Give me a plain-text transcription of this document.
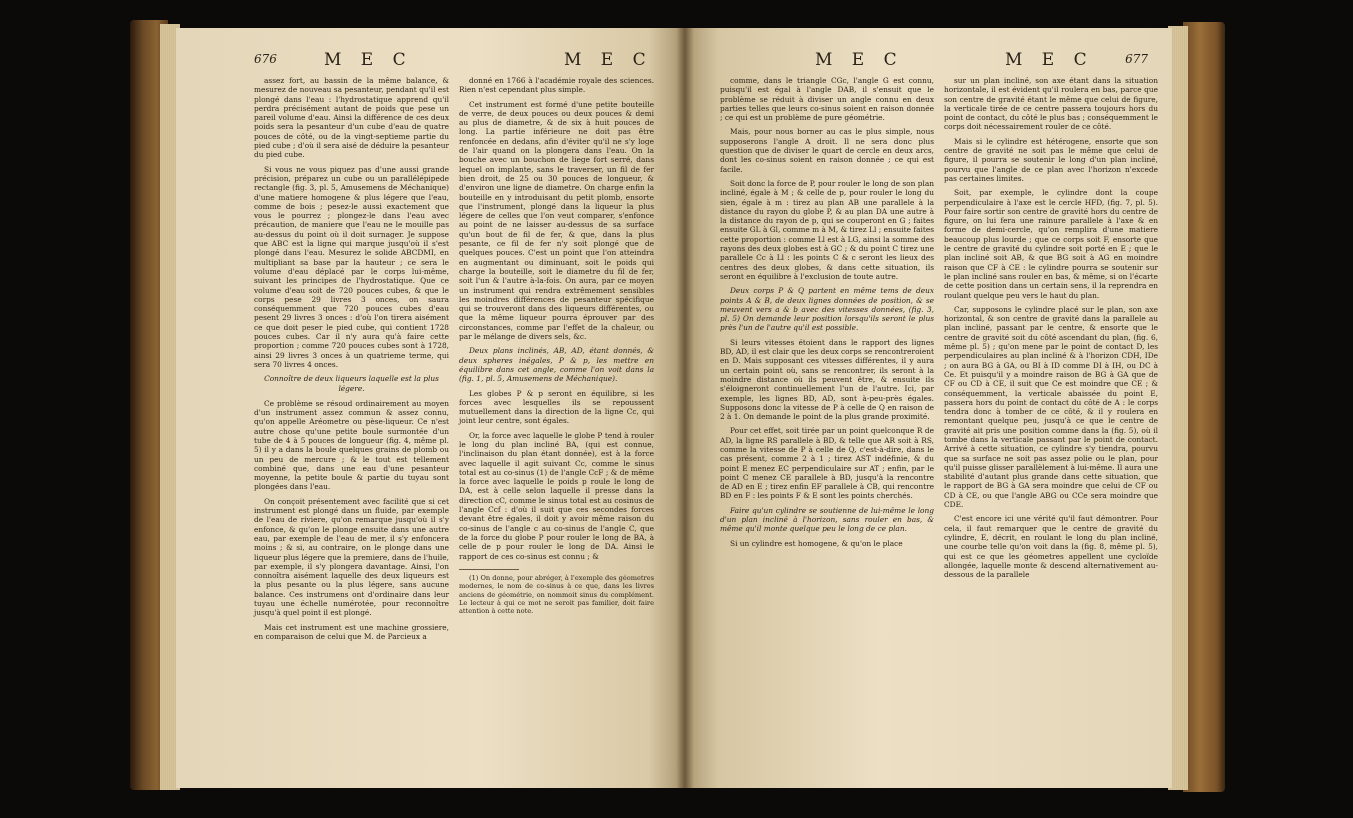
676	M E C	M E C

assez fort, au bassin de la même balance, & mesurez de nouveau sa pesanteur, pendant qu'il est plongé dans l'eau : l'hydrostatique apprend qu'il perdra précisément autant de poids que pese un pareil volume d'eau. Ainsi la différence de ces deux poids sera la pesanteur d'un cube d'eau de quatre pouces de côté, ou de la vingt-septieme partie du pied cube ; d'où il sera aisé de déduire la pesanteur du pied cube.

Si vous ne vous piquez pas d'une aussi grande précision, préparez un cube ou un parallélépipede rectangle (fig. 3, pl. 5, Amusemens de Méchanique) d'une matiere homogene & plus légere que l'eau, comme de bois ; pesez-le aussi exactement que vous le pourrez ; plongez-le dans l'eau avec précaution, de maniere que l'eau ne le mouille pas au-dessus du point où il doit surnager. Je suppose que ABC est la ligne qui marque jusqu'où il s'est plongé dans l'eau. Mesurez le solide ABCDMI, en multipliant sa base par la hauteur ; ce sera le volume d'eau déplacé par le corps lui-même, suivant les principes de l'hydrostatique. Que ce volume d'eau soit de 720 pouces cubes, & que le corps pese 29 livres 3 onces, on saura conséquemment que 720 pouces cubes d'eau pesent 29 livres 3 onces : d'où l'on tirera aisément ce que doit peser le pied cube, qui contient 1728 pouces cubes. Car il n'y aura qu'à faire cette proportion ; comme 720 pouces cubes sont à 1728, ainsi 29 livres 3 onces à un quatrieme terme, qui sera 70 livres 4 onces.

Connoître de deux liqueurs laquelle est la plus légere.

Ce problème se résoud ordinairement au moyen d'un instrument assez commun & assez connu, qu'on appelle Aréometre ou pèse-liqueur. Ce n'est autre chose qu'une petite boule surmontée d'un tube de 4 à 5 pouces de longueur (fig. 4, même pl. 5) il y a dans la boule quelques grains de plomb ou un peu de mercure ; & le tout est tellement combiné que, dans une eau d'une pesanteur moyenne, la petite boule & partie du tuyau sont plongées dans l'eau.

On conçoit présentement avec facilité que si cet instrument est plongé dans un fluide, par exemple de l'eau de riviere, qu'on remarque jusqu'où il s'y enfonce, & qu'on le plonge ensuite dans une autre eau, par exemple de l'eau de mer, il s'y enfoncera moins ; & si, au contraire, on le plonge dans une liqueur plus légere que la premiere, dans de l'huile, par exemple, il s'y plongera davantage. Ainsi, l'on connoîtra aisément laquelle des deux liqueurs est la plus pesante ou la plus légere, sans aucune balance. Ces instrumens ont d'ordinaire dans leur tuyau une échelle numérotée, pour reconnoître jusqu'à quel point il est plongé.

Mais cet instrument est une machine grossiere, en comparaison de celui que M. de Parcieux a

donné en 1766 à l'académie royale des sciences. Rien n'est cependant plus simple.

Cet instrument est formé d'une petite bouteille de verre, de deux pouces ou deux pouces & demi au plus de diametre, & de six à huit pouces de long. La partie inférieure ne doit pas être renfoncée en dedans, afin d'éviter qu'il ne s'y loge de l'air quand on la plongera dans l'eau. On la bouche avec un bouchon de liege fort serré, dans lequel on implante, sans le traverser, un fil de fer bien droit, de 25 ou 30 pouces de longueur, & d'environ une ligne de diametre. On charge enfin la bouteille en y introduisant du petit plomb, ensorte que l'instrument, plongé dans la liqueur la plus légere de celles que l'on veut comparer, s'enfonce au point de ne laisser au-dessus de sa surface qu'un bout de fil de fer, & que, dans la plus pesante, ce fil de fer n'y soit plongé que de quelques pouces. C'est un point que l'on atteindra en augmentant ou diminuant, soit le poids qui charge la bouteille, soit le diametre du fil de fer, soit l'un & l'autre à-la-fois. On aura, par ce moyen un instrument qui rendra extrêmement sensibles les moindres différences de pesanteur spécifique qui se trouveront dans des liqueurs différentes, ou que la même liqueur pourra éprouver par des circonstances, comme par l'effet de la chaleur, ou par le mélange de divers sels, &c.

Deux plans inclinés, AB, AD, étant donnés, & deux spheres inégales, P & p, les mettre en équilibre dans cet angle, comme l'on voit dans la (fig. 1, pl. 5, Amusemens de Méchanique).

Les globes P & p seront en équilibre, si les forces avec lesquelles ils se repoussent mutuellement dans la direction de la ligne Cc, qui joint leur centre, sont égales.

Or, la force avec laquelle le globe P tend à rouler le long du plan incliné BA, (qui est connue, l'inclinaison du plan étant donnée), est à la force avec laquelle il agit suivant Cc, comme le sinus total est au co-sinus (1) de l'angle CcF ; & de même la force avec laquelle le poids p roule le long de DA, est à celle selon laquelle il presse dans la direction cC, comme le sinus total est au cosinus de l'angle Ccf : d'où il suit que ces secondes forces devant être égales, il doit y avoir même raison du co-sinus de l'angle c au co-sinus de l'angle C, que de la force du globe P pour rouler le long de BA, à celle de p pour rouler le long de DA. Ainsi le rapport de ces co-sinus est connu ; &

(1) On donne, pour abréger, à l'exemple des géometres modernes, le nom de co-sinus à ce que, dans les livres anciens de géométrie, on nommoit sinus du complément. Le lecteur à qui ce mot ne seroit pas familier, doit faire attention à cette note.

M E C	M E C	677

comme, dans le triangle CGc, l'angle G est connu, puisqu'il est égal à l'angle DAB, il s'ensuit que le problème se réduit à diviser un angle connu en deux parties telles que leurs co-sinus soient en raison donnée ; ce qui est un problème de pure géométrie.

Mais, pour nous borner au cas le plus simple, nous supposerons l'angle A droit. Il ne sera donc plus question que de diviser le quart de cercle en deux arcs, dont les co-sinus soient en raison donnée ; ce qui est facile.

Soit donc la force de P, pour rouler le long de son plan incliné, égale à M ; & celle de p, pour rouler le long du sien, égale à m : tirez au plan AB une parallele à la distance du rayon du globe P, & au plan DA une autre à la distance du rayon de p, qui se couperont en G ; faites ensuite GL à Gl, comme m à M, & tirez Ll ; ensuite faites cette proportion : comme Ll est à LG, ainsi la somme des rayons des deux globes est à GC ; & du point C tirez une parallele Cc à Ll : les points C & c seront les lieux des centres des deux globes, & dans cette situation, ils seront en équilibre à l'exclusion de toute autre.

Deux corps P & Q partent en même tems de deux points A & B, de deux lignes données de position, & se meuvent vers a & b avec des vitesses données, (fig. 3, pl. 5) On demande leur position lorsqu'ils seront le plus près l'un de l'autre qu'il est possible.

Si leurs vitesses étoient dans le rapport des lignes BD, AD, il est clair que les deux corps se rencontreroient en D. Mais supposant ces vitesses différentes, il y aura un certain point où, sans se rencontrer, ils seront à la moindre distance où ils peuvent être, & ensuite ils s'éloigneront continuellement l'un de l'autre. Ici, par exemple, les lignes BD, AD, sont à-peu-près égales. Supposons donc la vitesse de P à celle de Q en raison de 2 à 1. On demande le point de la plus grande proximité.

Pour cet effet, soit tirée par un point quelconque R de AD, la ligne RS parallele à BD, & telle que AR soit à RS, comme la vitesse de P à celle de Q, c'est-à-dire, dans le cas présent, comme 2 à 1 ; tirez AST indéfinie, & du point E menez EC perpendiculaire sur AT ; enfin, par le point C menez CE parallele à BD, jusqu'à la rencontre de AD en E ; tirez enfin EF parallele à CB, qui rencontre BD en F : les points F & E sont les points cherchés.

Faire qu'un cylindre se soutienne de lui-même le long d'un plan incliné à l'horizon, sans rouler en bas, & même qu'il monte quelque peu le long de ce plan.

Si un cylindre est homogene, & qu'on le place

sur un plan incliné, son axe étant dans la situation horizontale, il est évident qu'il roulera en bas, parce que son centre de gravité étant le même que celui de figure, la verticale tirée de ce centre passera toujours hors du point de contact, du côté le plus bas ; conséquemment le corps doit nécessairement rouler de ce côté.

Mais si le cylindre est hétérogene, ensorte que son centre de gravité ne soit pas le même que celui de figure, il pourra se soutenir le long d'un plan incliné, pourvu que l'angle de ce plan avec l'horizon n'excede pas certaines limites.

Soit, par exemple, le cylindre dont la coupe perpendiculaire à l'axe est le cercle HFD, (fig. 7, pl. 5). Pour faire sortir son centre de gravité hors du centre de figure, on lui fera une rainure parallele à l'axe & en forme de demi-cercle, qu'on remplira d'une matiere beaucoup plus lourde ; que ce corps soit F, ensorte que le centre de gravité du cylindre soit porté en E ; que le plan incliné soit AB, & que BG soit à AG en moindre raison que CF à CE : le cylindre pourra se soutenir sur le plan incliné sans rouler en bas, & même, si on l'écarte de cette position dans un certain sens, il la reprendra en roulant quelque peu vers le haut du plan.

Car, supposons le cylindre placé sur le plan, son axe horizontal, & son centre de gravité dans la parallele au plan incliné, passant par le centre, & ensorte que le centre de gravité soit du côté ascendant du plan, (fig. 6, même pl. 5) ; qu'on mene par le point de contact D, les perpendiculaires au plan incliné & à l'horizon CDH, IDe ; on aura BG à GA, ou BI à ID comme DI à IH, ou DC à Ce. Et puisqu'il y a moindre raison de BG à GA que de CF ou CD à CE, il suit que Ce est moindre que CE ; & conséquemment, la verticale abaissée du point E, passera hors du point de contact du côté de A : le corps tendra donc à tomber de ce côté, & il y roulera en remontant quelque peu, jusqu'à ce que le centre de gravité ait pris une position comme dans la (fig. 5), où il tombe dans la verticale passant par le point de contact. Arrivé à cette situation, ce cylindre s'y tiendra, pourvu que sa surface ne soit pas assez polie ou le plan, pour qu'il puisse glisser parallèlement à lui-même. Il aura une stabilité d'autant plus grande dans cette situation, que le rapport de BG à GA sera moindre que celui de CF ou CD à CE, ou que l'angle ABG ou CCe sera moindre que CDE.

C'est encore ici une vérité qu'il faut démontrer. Pour cela, il faut remarquer que le centre de gravité du cylindre, E, décrit, en roulant le long du plan incliné, une courbe telle qu'on voit dans la (fig. 8, même pl. 5), qui est ce que les géometres appellent une cycloïde allongée, laquelle monte & descend alternativement au-dessous de la parallele
